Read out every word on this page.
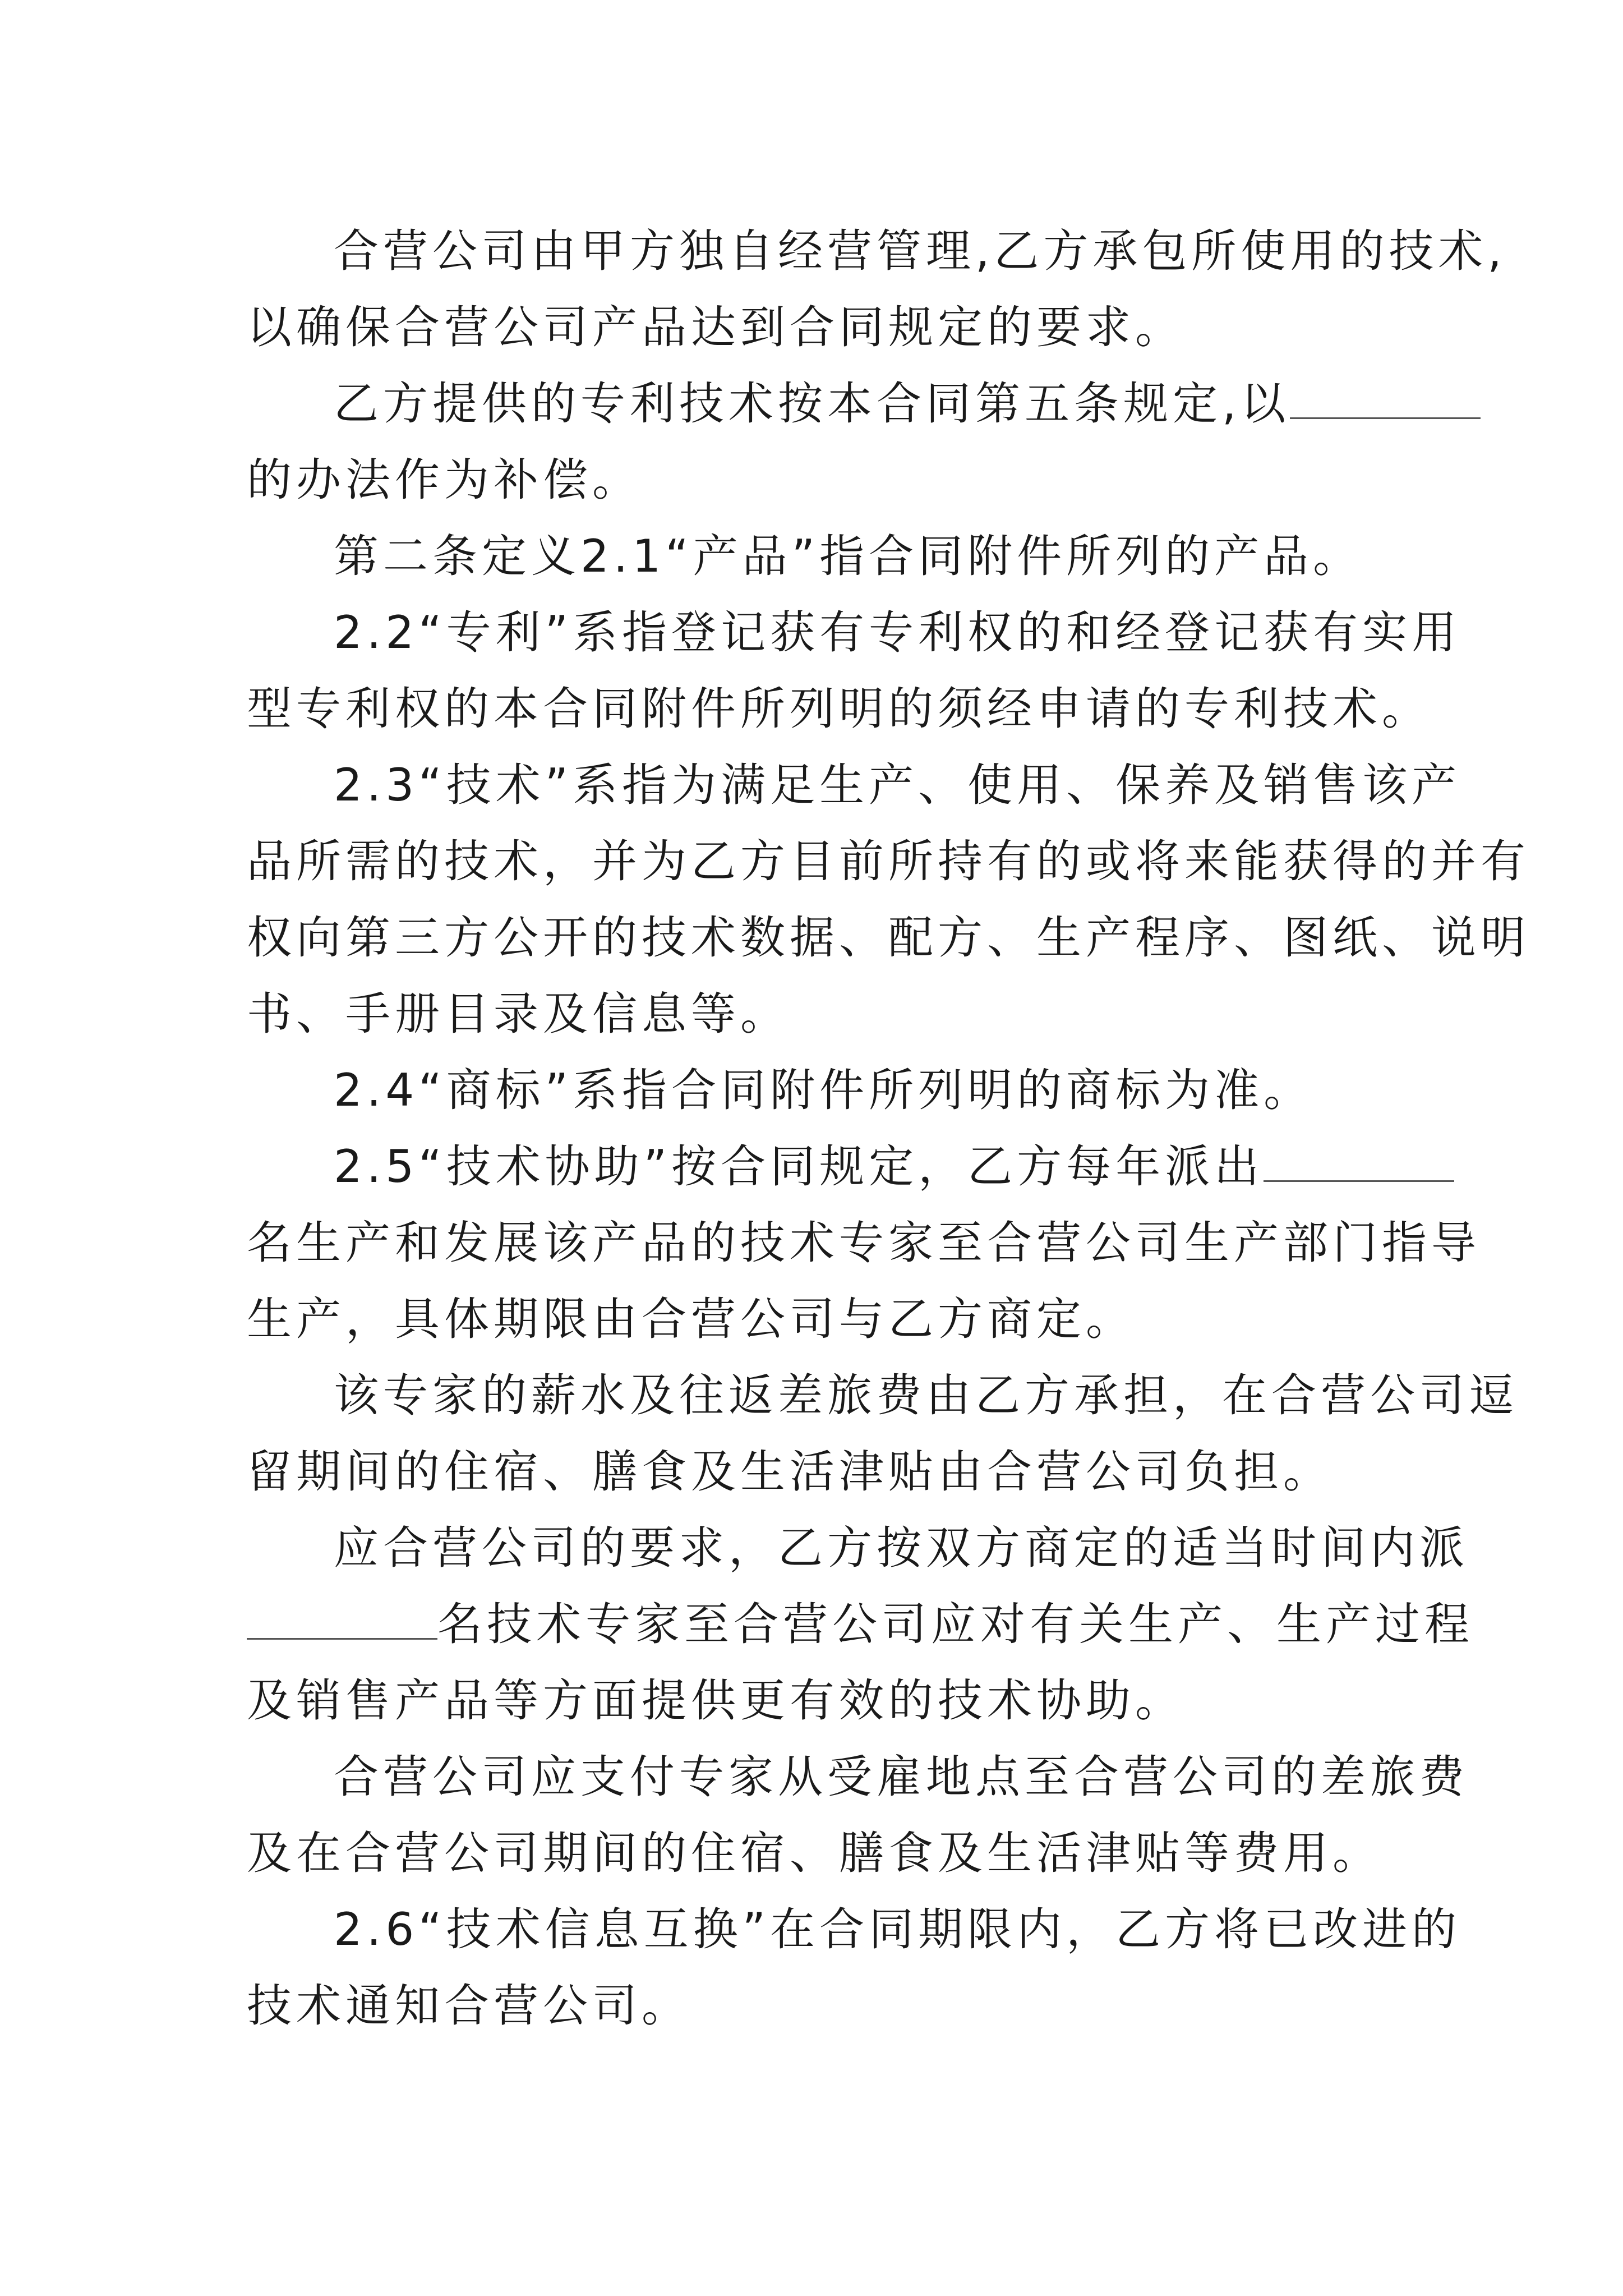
合营公司由甲方独自经营管理,乙方承包所使用的技术,
以确保合营公司产品达到合同规定的要求。
乙方提供的专利技术按本合同第五条规定,以
的办法作为补偿。
第二条定义2.1“产品”指合同附件所列的产品。
2.2“专利”系指登记获有专利权的和经登记获有实用
型专利权的本合同附件所列明的须经申请的专利技术。
2.3“技术”系指为满足生产、使用、保养及销售该产
品所需的技术，并为乙方目前所持有的或将来能获得的并有
权向第三方公开的技术数据、配方、生产程序、图纸、说明
书、手册目录及信息等。
2.4“商标”系指合同附件所列明的商标为准。
2.5“技术协助”按合同规定，乙方每年派出
名生产和发展该产品的技术专家至合营公司生产部门指导
生产，具体期限由合营公司与乙方商定。
该专家的薪水及往返差旅费由乙方承担，在合营公司逗
留期间的住宿、膳食及生活津贴由合营公司负担。
应合营公司的要求，乙方按双方商定的适当时间内派
名技术专家至合营公司应对有关生产、生产过程
及销售产品等方面提供更有效的技术协助。
合营公司应支付专家从受雇地点至合营公司的差旅费
及在合营公司期间的住宿、膳食及生活津贴等费用。
2.6“技术信息互换”在合同期限内，乙方将已改进的
技术通知合营公司。
